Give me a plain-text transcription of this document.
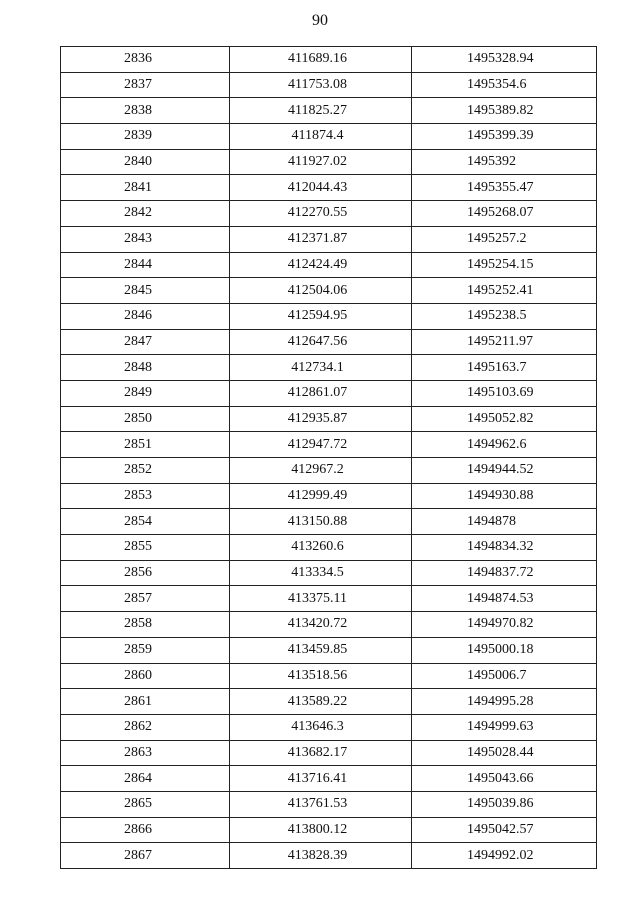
90
2836	411689.16	1495328.94
2837	411753.08	1495354.6
2838	411825.27	1495389.82
2839	411874.4	1495399.39
2840	411927.02	1495392
2841	412044.43	1495355.47
2842	412270.55	1495268.07
2843	412371.87	1495257.2
2844	412424.49	1495254.15
2845	412504.06	1495252.41
2846	412594.95	1495238.5
2847	412647.56	1495211.97
2848	412734.1	1495163.7
2849	412861.07	1495103.69
2850	412935.87	1495052.82
2851	412947.72	1494962.6
2852	412967.2	1494944.52
2853	412999.49	1494930.88
2854	413150.88	1494878
2855	413260.6	1494834.32
2856	413334.5	1494837.72
2857	413375.11	1494874.53
2858	413420.72	1494970.82
2859	413459.85	1495000.18
2860	413518.56	1495006.7
2861	413589.22	1494995.28
2862	413646.3	1494999.63
2863	413682.17	1495028.44
2864	413716.41	1495043.66
2865	413761.53	1495039.86
2866	413800.12	1495042.57
2867	413828.39	1494992.02
